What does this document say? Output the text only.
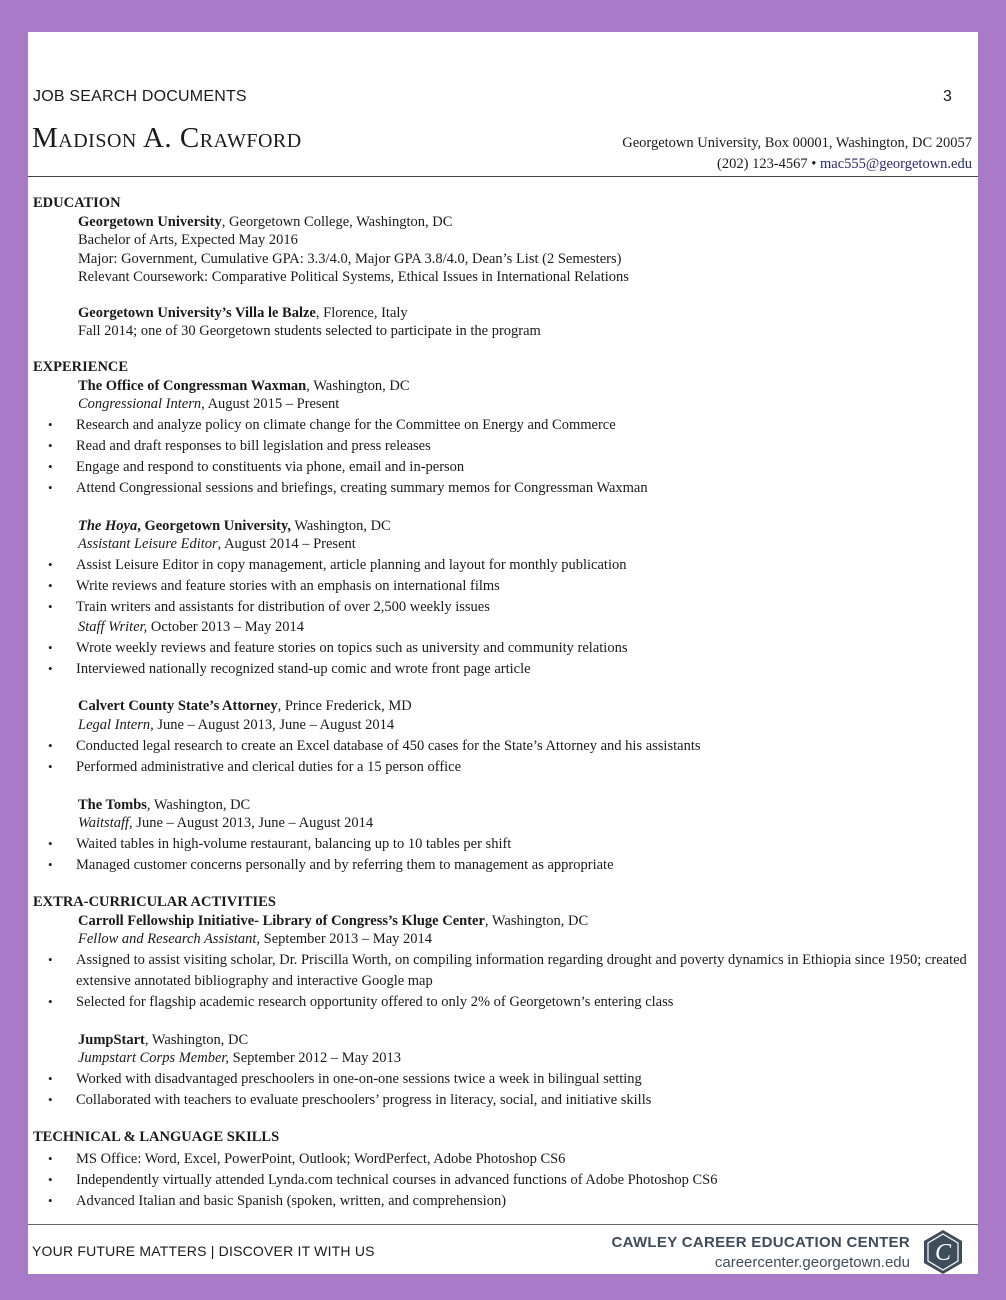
JOB SEARCH DOCUMENTS	3
Madison A. Crawford	Georgetown University, Box 00001, Washington, DC 20057
(202) 123-4567 • mac555@georgetown.edu
EDUCATION
Georgetown University, Georgetown College, Washington, DC
Bachelor of Arts, Expected May 2016
Major: Government, Cumulative GPA: 3.3/4.0, Major GPA 3.8/4.0, Dean’s List (2 Semesters)
Relevant Coursework: Comparative Political Systems, Ethical Issues in International Relations
Georgetown University’s Villa le Balze, Florence, Italy
Fall 2014; one of 30 Georgetown students selected to participate in the program
EXPERIENCE
The Office of Congressman Waxman, Washington, DC
Congressional Intern, August 2015 – Present
• Research and analyze policy on climate change for the Committee on Energy and Commerce
• Read and draft responses to bill legislation and press releases
• Engage and respond to constituents via phone, email and in-person
• Attend Congressional sessions and briefings, creating summary memos for Congressman Waxman
The Hoya, Georgetown University, Washington, DC
Assistant Leisure Editor, August 2014 – Present
• Assist Leisure Editor in copy management, article planning and layout for monthly publication
• Write reviews and feature stories with an emphasis on international films
• Train writers and assistants for distribution of over 2,500 weekly issues
Staff Writer, October 2013 – May 2014
• Wrote weekly reviews and feature stories on topics such as university and community relations
• Interviewed nationally recognized stand-up comic and wrote front page article
Calvert County State’s Attorney, Prince Frederick, MD
Legal Intern, June – August 2013, June – August 2014
• Conducted legal research to create an Excel database of 450 cases for the State’s Attorney and his assistants
• Performed administrative and clerical duties for a 15 person office
The Tombs, Washington, DC
Waitstaff, June – August 2013, June – August 2014
• Waited tables in high-volume restaurant, balancing up to 10 tables per shift
• Managed customer concerns personally and by referring them to management as appropriate
EXTRA-CURRICULAR ACTIVITIES
Carroll Fellowship Initiative- Library of Congress’s Kluge Center, Washington, DC
Fellow and Research Assistant, September 2013 – May 2014
• Assigned to assist visiting scholar, Dr. Priscilla Worth, on compiling information regarding drought and poverty dynamics in Ethiopia since 1950; created extensive annotated bibliography and interactive Google map
• Selected for flagship academic research opportunity offered to only 2% of Georgetown’s entering class
JumpStart, Washington, DC
Jumpstart Corps Member, September 2012 – May 2013
• Worked with disadvantaged preschoolers in one-on-one sessions twice a week in bilingual setting
• Collaborated with teachers to evaluate preschoolers’ progress in literacy, social, and initiative skills
TECHNICAL & LANGUAGE SKILLS
• MS Office: Word, Excel, PowerPoint, Outlook; WordPerfect, Adobe Photoshop CS6
• Independently virtually attended Lynda.com technical courses in advanced functions of Adobe Photoshop CS6
• Advanced Italian and basic Spanish (spoken, written, and comprehension)
YOUR FUTURE MATTERS | DISCOVER IT WITH US	CAWLEY CAREER EDUCATION CENTER
careercenter.georgetown.edu C
